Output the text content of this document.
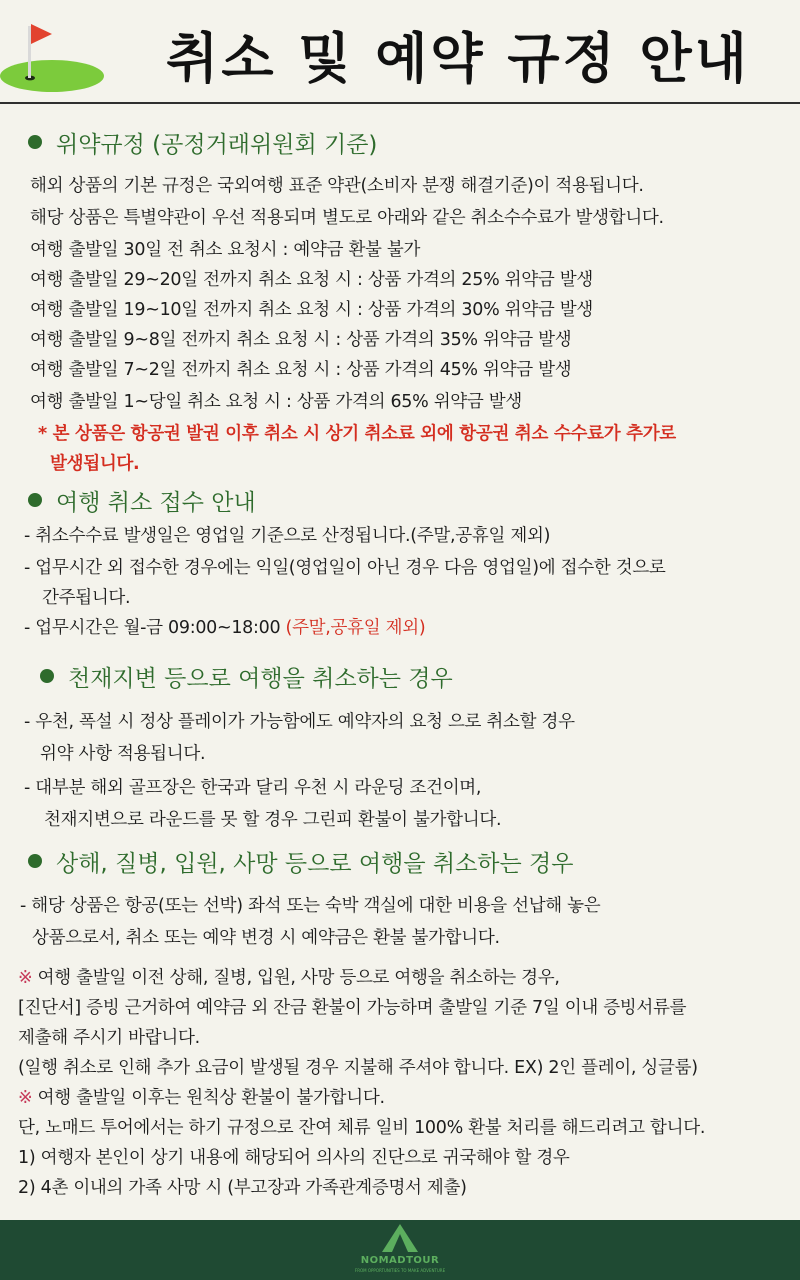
취소 및 예약 규정 안내
위약규정 (공정거래위원회 기준)
해외 상품의 기본 규정은 국외여행 표준 약관(소비자 분쟁 해결기준)이 적용됩니다.
해당 상품은 특별약관이 우선 적용되며 별도로 아래와 같은 취소수수료가 발생합니다.
여행 출발일 30일 전 취소 요청시 : 예약금 환불 불가
여행 출발일 29~20일 전까지 취소 요청 시 : 상품 가격의 25% 위약금 발생
여행 출발일 19~10일 전까지 취소 요청 시 : 상품 가격의 30% 위약금 발생
여행 출발일 9~8일 전까지 취소 요청 시 : 상품 가격의 35% 위약금 발생
여행 출발일 7~2일 전까지 취소 요청 시 : 상품 가격의 45% 위약금 발생
여행 출발일 1~당일 취소 요청 시 : 상품 가격의 65% 위약금 발생
* 본 상품은 항공권 발권 이후 취소 시 상기 취소료 외에 항공권 취소 수수료가 추가로
발생됩니다.
여행 취소 접수 안내
- 취소수수료 발생일은 영업일 기준으로 산정됩니다.(주말,공휴일 제외)
- 업무시간 외 접수한 경우에는 익일(영업일이 아닌 경우 다음 영업일)에 접수한 것으로
간주됩니다.
- 업무시간은 월-금 09:00~18:00 (주말,공휴일 제외)
천재지변 등으로 여행을 취소하는 경우
- 우천, 폭설 시 정상 플레이가 가능함에도 예약자의 요청 으로 취소할 경우
위약 사항 적용됩니다.
- 대부분 해외 골프장은 한국과 달리 우천 시 라운딩 조건이며,
천재지변으로 라운드를 못 할 경우 그린피 환불이 불가합니다.
상해, 질병, 입원, 사망 등으로 여행을 취소하는 경우
- 해당 상품은 항공(또는 선박) 좌석 또는 숙박 객실에 대한 비용을 선납해 놓은
상품으로서, 취소 또는 예약 변경 시 예약금은 환불 불가합니다.
※ 여행 출발일 이전 상해, 질병, 입원, 사망 등으로 여행을 취소하는 경우,
[진단서] 증빙 근거하여 예약금 외 잔금 환불이 가능하며 출발일 기준 7일 이내 증빙서류를
제출해 주시기 바랍니다.
(일행 취소로 인해 추가 요금이 발생될 경우 지불해 주셔야 합니다. EX) 2인 플레이, 싱글룸)
※ 여행 출발일 이후는 원칙상 환불이 불가합니다.
단, 노매드 투어에서는 하기 규정으로 잔여 체류 일비 100% 환불 처리를 해드리려고 합니다.
1) 여행자 본인이 상기 내용에 해당되어 의사의 진단으로 귀국해야 할 경우
2) 4촌 이내의 가족 사망 시 (부고장과 가족관계증명서 제출)
NOMADTOUR
FROM OPPORTUNITIES TO MAKE ADVENTURE
